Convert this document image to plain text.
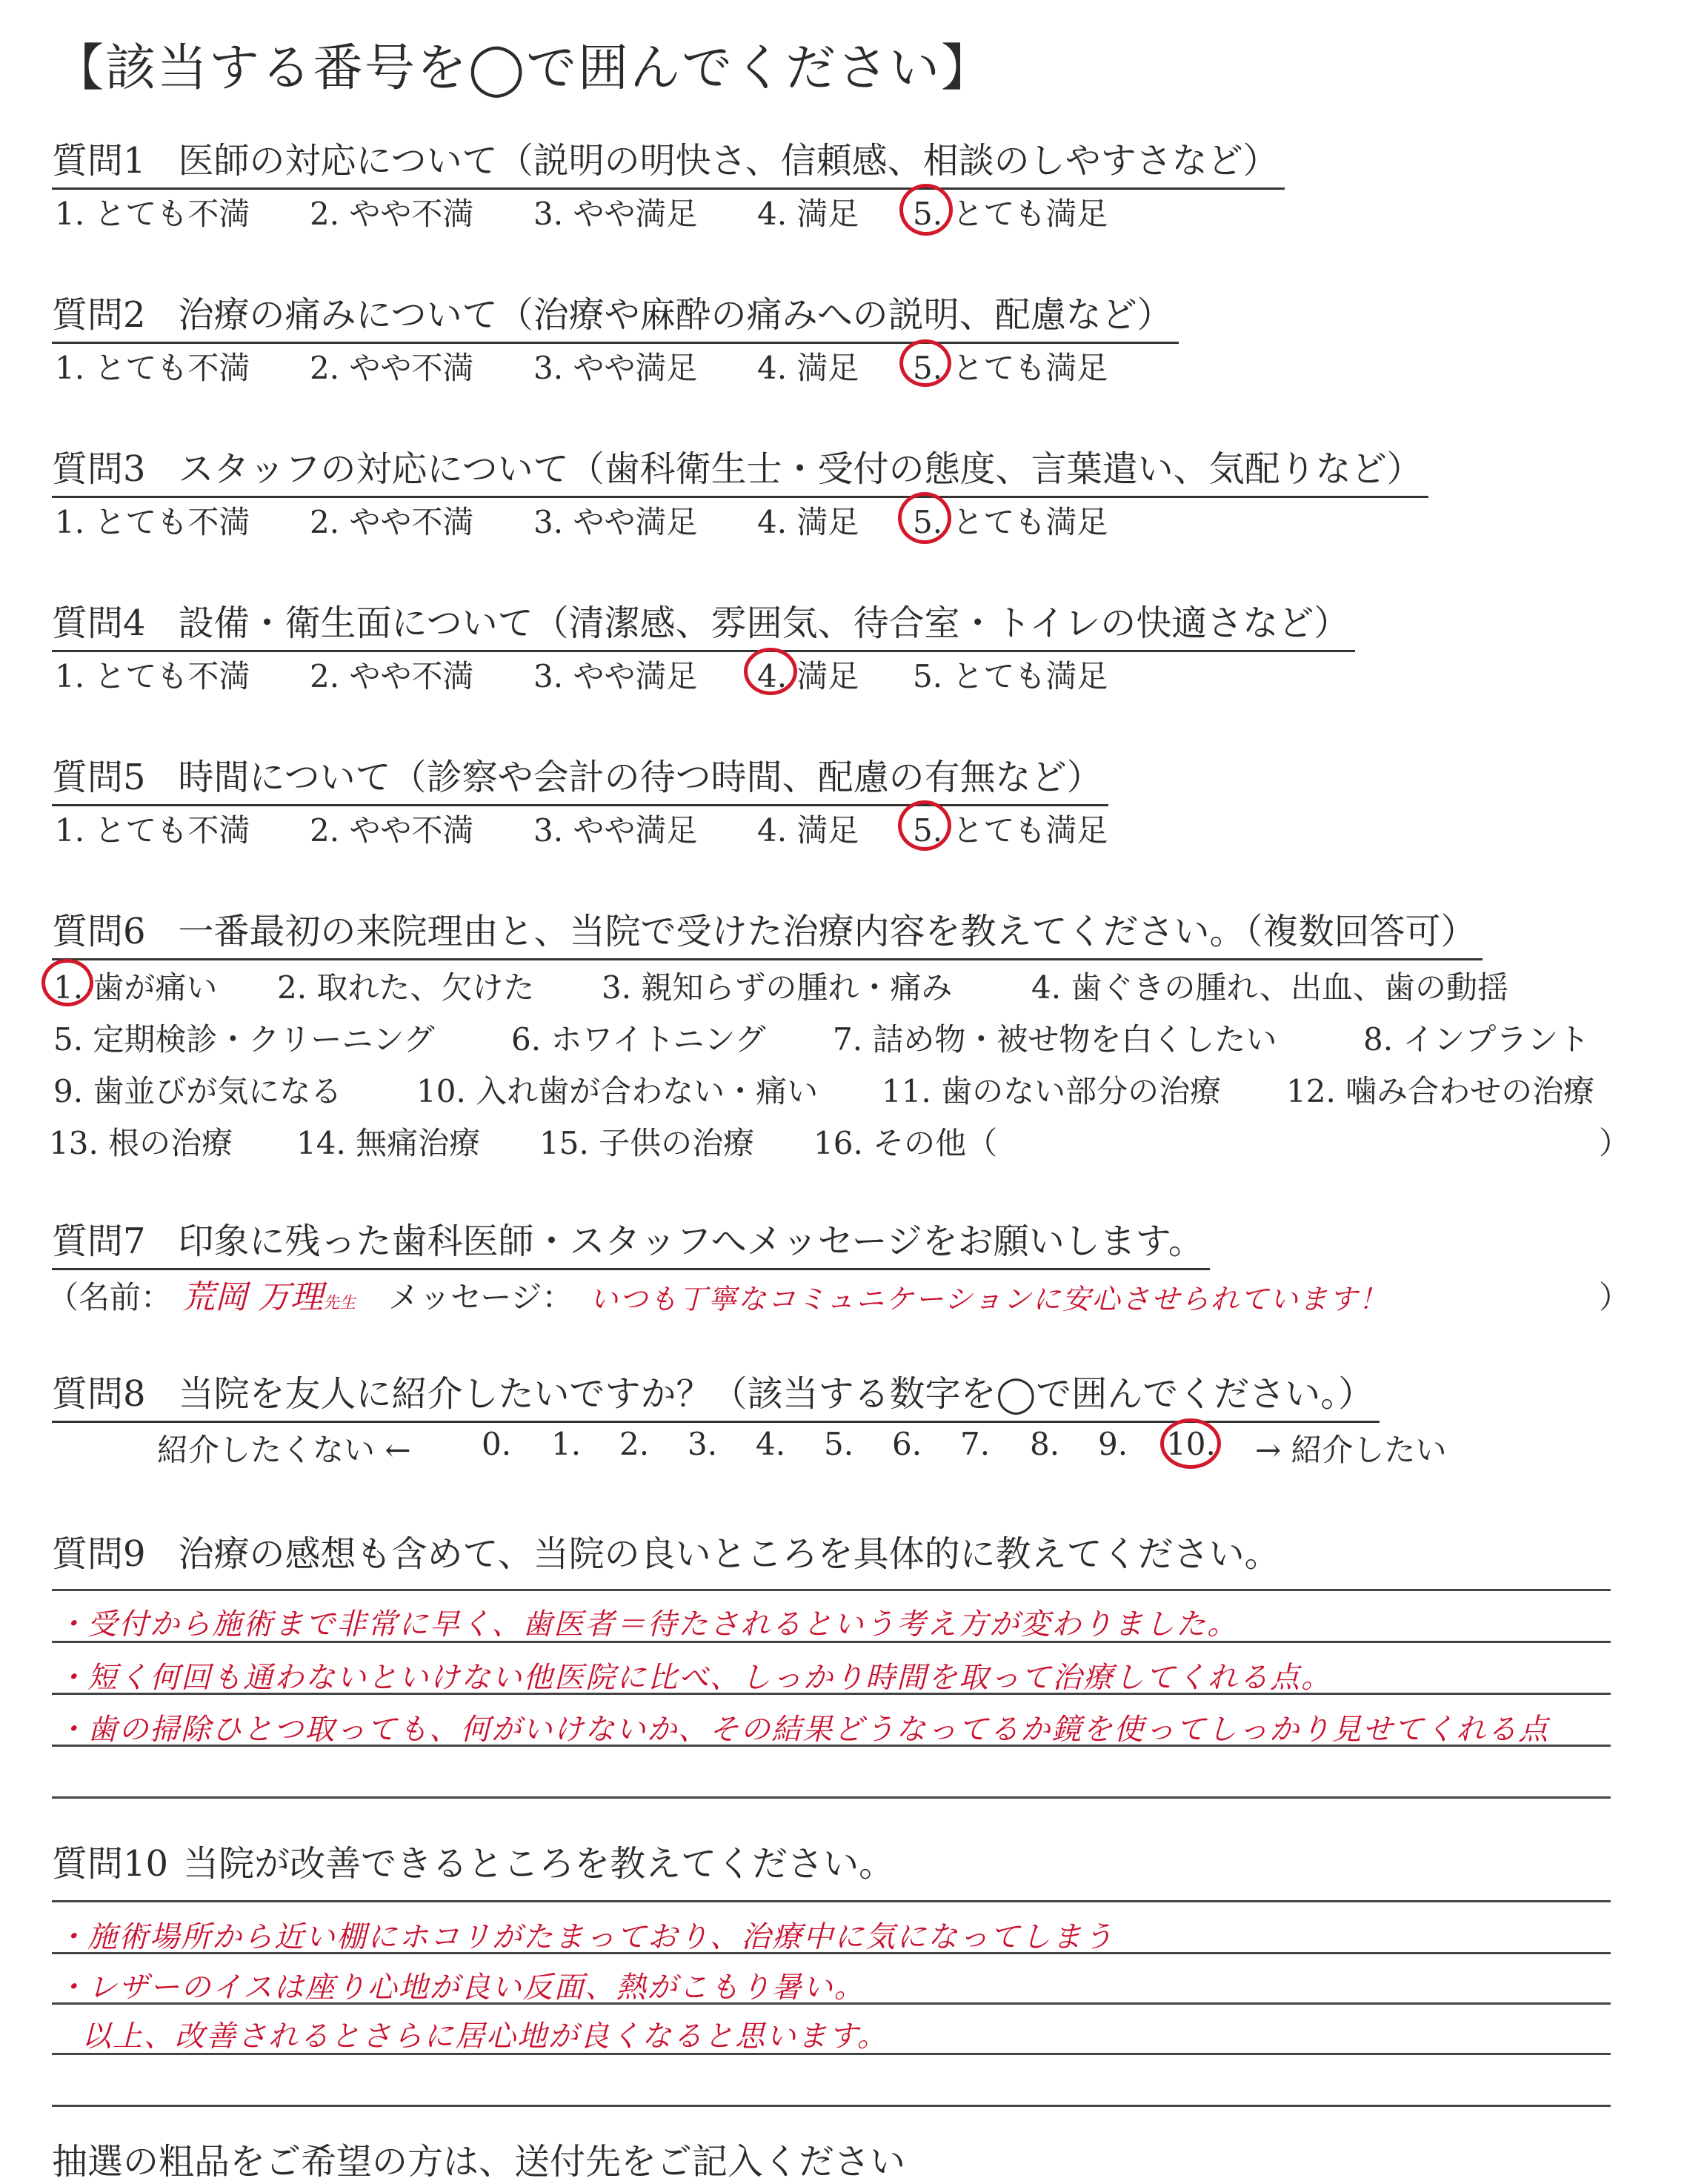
【該当する番号を◯で囲んでください】
質問1 医師の対応について（説明の明快さ、信頼感、相談のしやすさなど）
1. とても不満 2. やや不満 3. やや満足 4. 満足 5. とても満足
質問2 治療の痛みについて（治療や麻酔の痛みへの説明、配慮など）
1. とても不満 2. やや不満 3. やや満足 4. 満足 5. とても満足
質問3 スタッフの対応について（歯科衛生士・受付の態度、言葉遣い、気配りなど）
1. とても不満 2. やや不満 3. やや満足 4. 満足 5. とても満足
質問4 設備・衛生面について（清潔感、雰囲気、待合室・トイレの快適さなど）
1. とても不満 2. やや不満 3. やや満足 4. 満足 5. とても満足
質問5 時間について（診察や会計の待つ時間、配慮の有無など）
1. とても不満 2. やや不満 3. やや満足 4. 満足 5. とても満足
質問6 一番最初の来院理由と、当院で受けた治療内容を教えてください。（複数回答可）
1. 歯が痛い 2. 取れた、欠けた 3. 親知らずの腫れ・痛み	4. 歯ぐきの腫れ、出血、歯の動揺
5. 定期検診・クリーニング 6. ホワイトニング 7. 詰め物・被せ物を白くしたい	8. インプラント
9. 歯並びが気になる 10. 入れ歯が合わない・痛い 11. 歯のない部分の治療 12. 噛み合わせの治療
13. 根の治療 14. 無痛治療 15. 子供の治療 16. その他（	）
質問7 印象に残った歯科医師・スタッフへメッセージをお願いします。
（名前： 荒岡 万理先生 メッセージ： いつも丁寧なコミュニケーションに安心させられています！	）
質問8 当院を友人に紹介したいですか？（該当する数字を◯で囲んでください。）
紹介したくない ← 0. 1. 2. 3. 4. 5. 6. 7. 8. 9. 10. → 紹介したい
質問9 治療の感想も含めて、当院の良いところを具体的に教えてください。
・受付から施術まで非常に早く、歯医者＝待たされるという考え方が変わりました。
・短く何回も通わないといけない他医院に比べ、しっかり時間を取って治療してくれる点。
・歯の掃除ひとつ取っても、何がいけないか、その結果どうなってるか鏡を使ってしっかり見せてくれる点
質問10 当院が改善できるところを教えてください。
・施術場所から近い棚にホコリがたまっており、治療中に気になってしまう
・レザーのイスは座り心地が良い反面、熱がこもり暑い。
以上、改善されるとさらに居心地が良くなると思います。
抽選の粗品をご希望の方は、送付先をご記入ください
